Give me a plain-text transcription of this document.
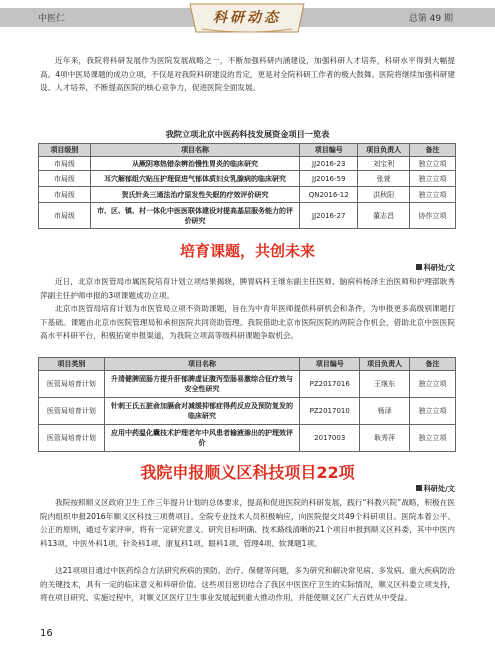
中医仁	科研动态	总第 49 期

近年来，我院将科研发展作为医院发展战略之一，不断加强科研内涵建设，加强科研人才培养，科研水平得到大幅提高。4项中医局课题的成功立项，不仅是对我院科研建设的肯定，更是对全院科研工作者的极大鼓舞。医院将继续加强科研建设、人才培养，不断提高医院的核心竞争力，促进医院全面发展。

我院立项北京中医药科技发展资金项目一览表
项目级别	项目名称	项目编号	项目负责人	备注
市局级	从厥阴寒热错杂辨治慢性胃炎的临床研究	JJ2016-23	刘宝利	独立立项
市局级	耳穴解郁组穴贴压护理促进气郁体质妇女乳腺病的临床研究	JJ2016-59	张萱	独立立项
市局级	贺氏针灸三通法治疗原发性失眠的疗效评价研究	QN2016-12	洪秋阳	独立立项
市局级	市、区、镇、村一体化中医医联体建设对提高基层服务能力的评价研究	JJ2016-27	董志昌	协作立项
培育课题，共创未来
科研处/文

近日，北京市医管局市属医院培育计划立项结果揭晓，脾胃病科王继东副主任医师、脑病科杨泽主治医师和护理部耿秀萍副主任护师申报的3项课题成功立项。

北京市医管局培育计划为市医管局立项不资助课题，旨在为中青年医师提供科研机会和条件，为申报更多高级别课题打下基础。课题由北京市医院管理局和承担医院共同资助管理。我院借助北京市医院医院的两院合作机会，借助北京中医医院高水平科研平台，积极拓宽申报渠道，为我院立项高等级科研课题争取机会。

项目类别	项目名称	项目编号	项目负责人	备注
医管局培育计划	升清健脾固肠方提升肝郁脾虚证腹泻型肠易激综合征疗效与安全性研究	PZ2017016	王继东	独立立项
医管局培育计划	针刺王氏五脏俞加膈俞对减缓抑郁症得药反应及预防复发的临床研究	PZ2017010	杨泽	独立立项
医管局培育计划	应用中药温化囊技术护理老年中风患者输液渗出的护理效评价	2017003	耿秀萍	独立立项
我院申报顺义区科技项目22项
科研处/文

我院按照顺义区政府卫生工作三年提升计划的总体要求，提高和促进医院的科研发展，践行“科教兴院”战略，积极在医院内组织申报2016年顺义区科技三项费项目。全院专业技术人员积极响应，向医院提交共49个科研项目。医院本着公平、公正的原则，通过专家评审，将有一定研究意义、研究目标明确、技术路线清晰的21个项目申报到顺义区科委，其中中医内科13项、中医外科1项、针灸科1项、康复科1项、眼科1项、管理4项、软课题1项。

这21项项目通过中医药综合方法研究疾病的预防、治疗、保健等问题，多为研究和解决常见病、多发病、重大疾病防治的关键技术，具有一定的临床意义和科研价值。这些项目密切结合了我区中医医疗卫生的实际情况，顺义区科委立项支持，将在项目研究、实施过程中，对顺义区医疗卫生事业发展起到重大推动作用，并能使顺义区广大百姓从中受益。

16
